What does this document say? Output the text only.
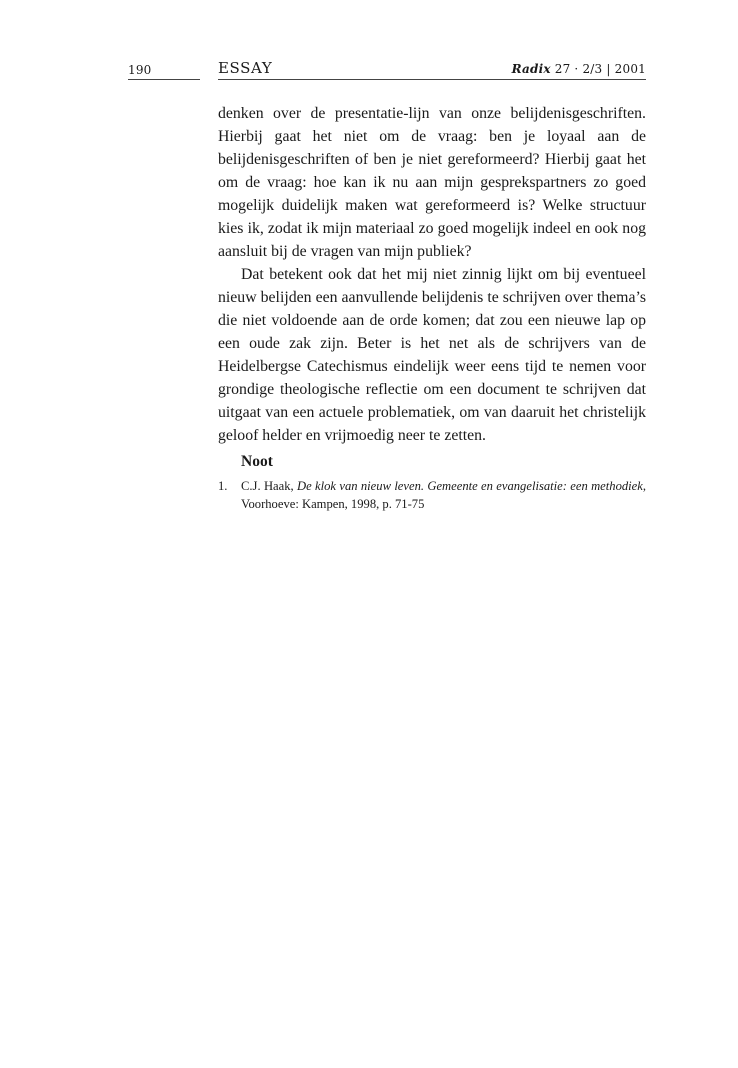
190	ESSAY	Radix 27 · 2/3 | 2001

denken over de presentatie-lijn van onze belijdenisgeschriften. Hierbij gaat het niet om de vraag: ben je loyaal aan de belijdenisgeschriften of ben je niet gereformeerd? Hierbij gaat het om de vraag: hoe kan ik nu aan mijn gesprekspartners zo goed mogelijk duidelijk maken wat gereformeerd is? Welke structuur kies ik, zodat ik mijn materiaal zo goed mogelijk indeel en ook nog aansluit bij de vragen van mijn publiek?

Dat betekent ook dat het mij niet zinnig lijkt om bij eventueel nieuw belijden een aanvullende belijdenis te schrijven over thema’s die niet voldoende aan de orde komen; dat zou een nieuwe lap op een oude zak zijn. Beter is het net als de schrijvers van de Heidelbergse Catechismus eindelijk weer eens tijd te nemen voor grondige theologische reflectie om een document te schrijven dat uitgaat van een actuele problematiek, om van daaruit het christelijk geloof helder en vrijmoedig neer te zetten.

Noot
1. C.J. Haak, De klok van nieuw leven. Gemeente en evangelisatie: een methodiek, Voorhoeve: Kampen, 1998, p. 71-75
